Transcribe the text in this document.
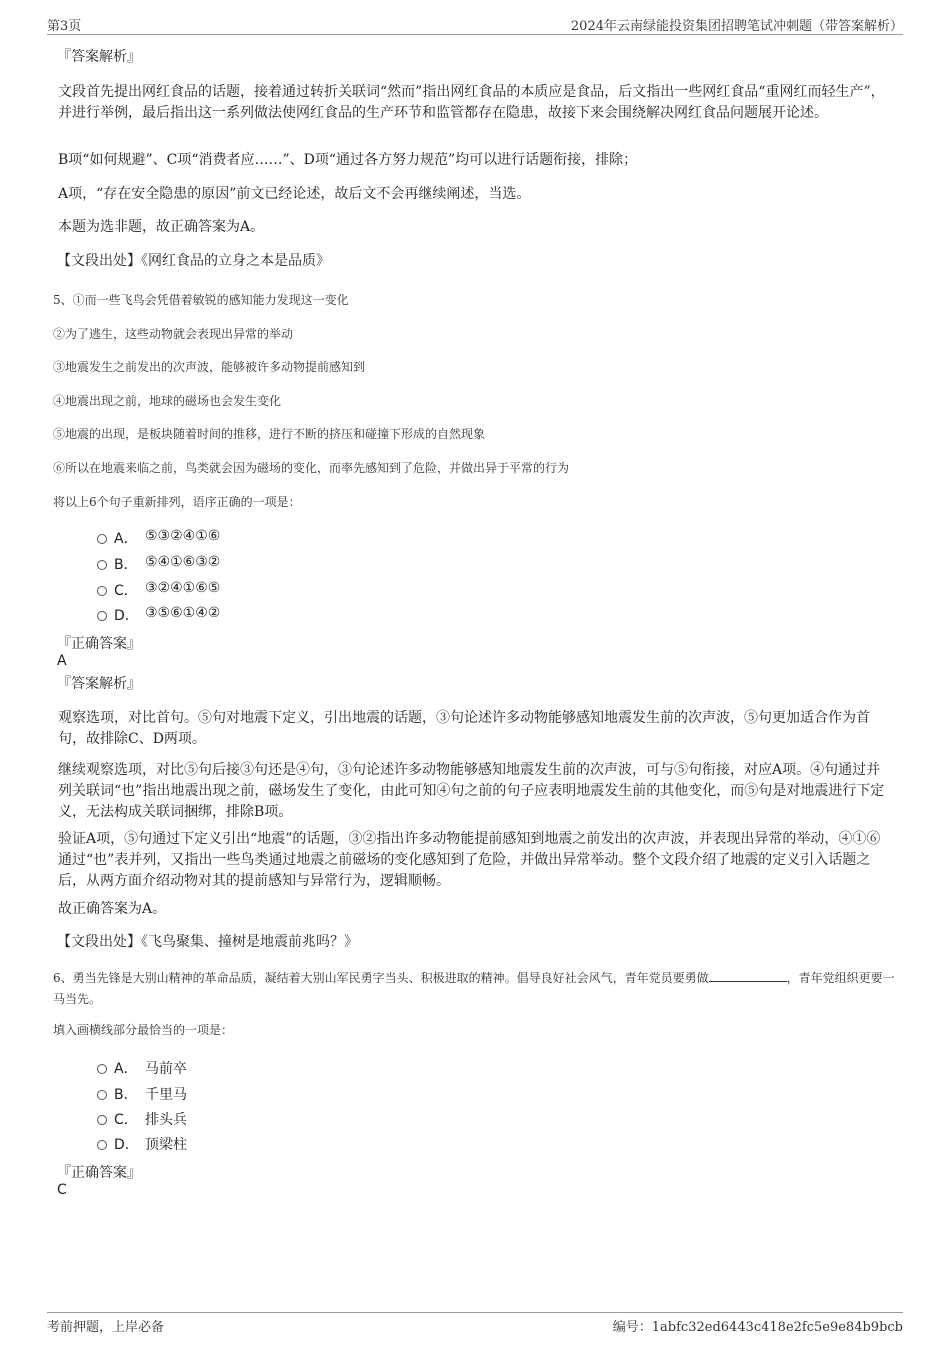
第3页	2024年云南绿能投资集团招聘笔试冲刺题（带答案解析）
『答案解析』
文段首先提出网红食品的话题，接着通过转折关联词“然而”指出网红食品的本质应是食品，后文指出一些网红食品“重网红而轻生产”，并进行举例，最后指出这一系列做法使网红食品的生产环节和监管都存在隐患，故接下来会围绕解决网红食品问题展开论述。
B项“如何规避”、C项“消费者应……”、D项“通过各方努力规范”均可以进行话题衔接，排除；
A项，“存在安全隐患的原因”前文已经论述，故后文不会再继续阐述，当选。
本题为选非题，故正确答案为A。
【文段出处】《网红食品的立身之本是品质》
5、①而一些飞鸟会凭借着敏锐的感知能力发现这一变化
②为了逃生，这些动物就会表现出异常的举动
③地震发生之前发出的次声波，能够被许多动物提前感知到
④地震出现之前，地球的磁场也会发生变化
⑤地震的出现，是板块随着时间的推移，进行不断的挤压和碰撞下形成的自然现象
⑥所以在地震来临之前，鸟类就会因为磁场的变化，而率先感知到了危险，并做出异于平常的行为
将以上6个句子重新排列，语序正确的一项是：
A． ⑤③②④①⑥
B． ⑤④①⑥③②
C． ③②④①⑥⑤
D． ③⑤⑥①④②
『正确答案』
A
『答案解析』
观察选项，对比首句。⑤句对地震下定义，引出地震的话题，③句论述许多动物能够感知地震发生前的次声波，⑤句更加适合作为首句，故排除C、D两项。
继续观察选项，对比⑤句后接③句还是④句，③句论述许多动物能够感知地震发生前的次声波，可与⑤句衔接，对应A项。④句通过并列关联词“也”指出地震出现之前，磁场发生了变化，由此可知④句之前的句子应表明地震发生前的其他变化，而⑤句是对地震进行下定义，无法构成关联词捆绑，排除B项。
验证A项，⑤句通过下定义引出“地震”的话题，③②指出许多动物能提前感知到地震之前发出的次声波，并表现出异常的举动，④①⑥通过“也”表并列，又指出一些鸟类通过地震之前磁场的变化感知到了危险，并做出异常举动。整个文段介绍了地震的定义引入话题之后，从两方面介绍动物对其的提前感知与异常行为，逻辑顺畅。
故正确答案为A。
【文段出处】《飞鸟聚集、撞树是地震前兆吗？》
6、勇当先锋是大别山精神的革命品质，凝结着大别山军民勇字当头、积极进取的精神。倡导良好社会风气，青年党员要勇做	，青年党组织更要一马当先。
填入画横线部分最恰当的一项是：
A． 马前卒
B． 千里马
C． 排头兵
D． 顶梁柱
『正确答案』
C
考前押题，上岸必备	编号：1abfc32ed6443c418e2fc5e9e84b9bcb
